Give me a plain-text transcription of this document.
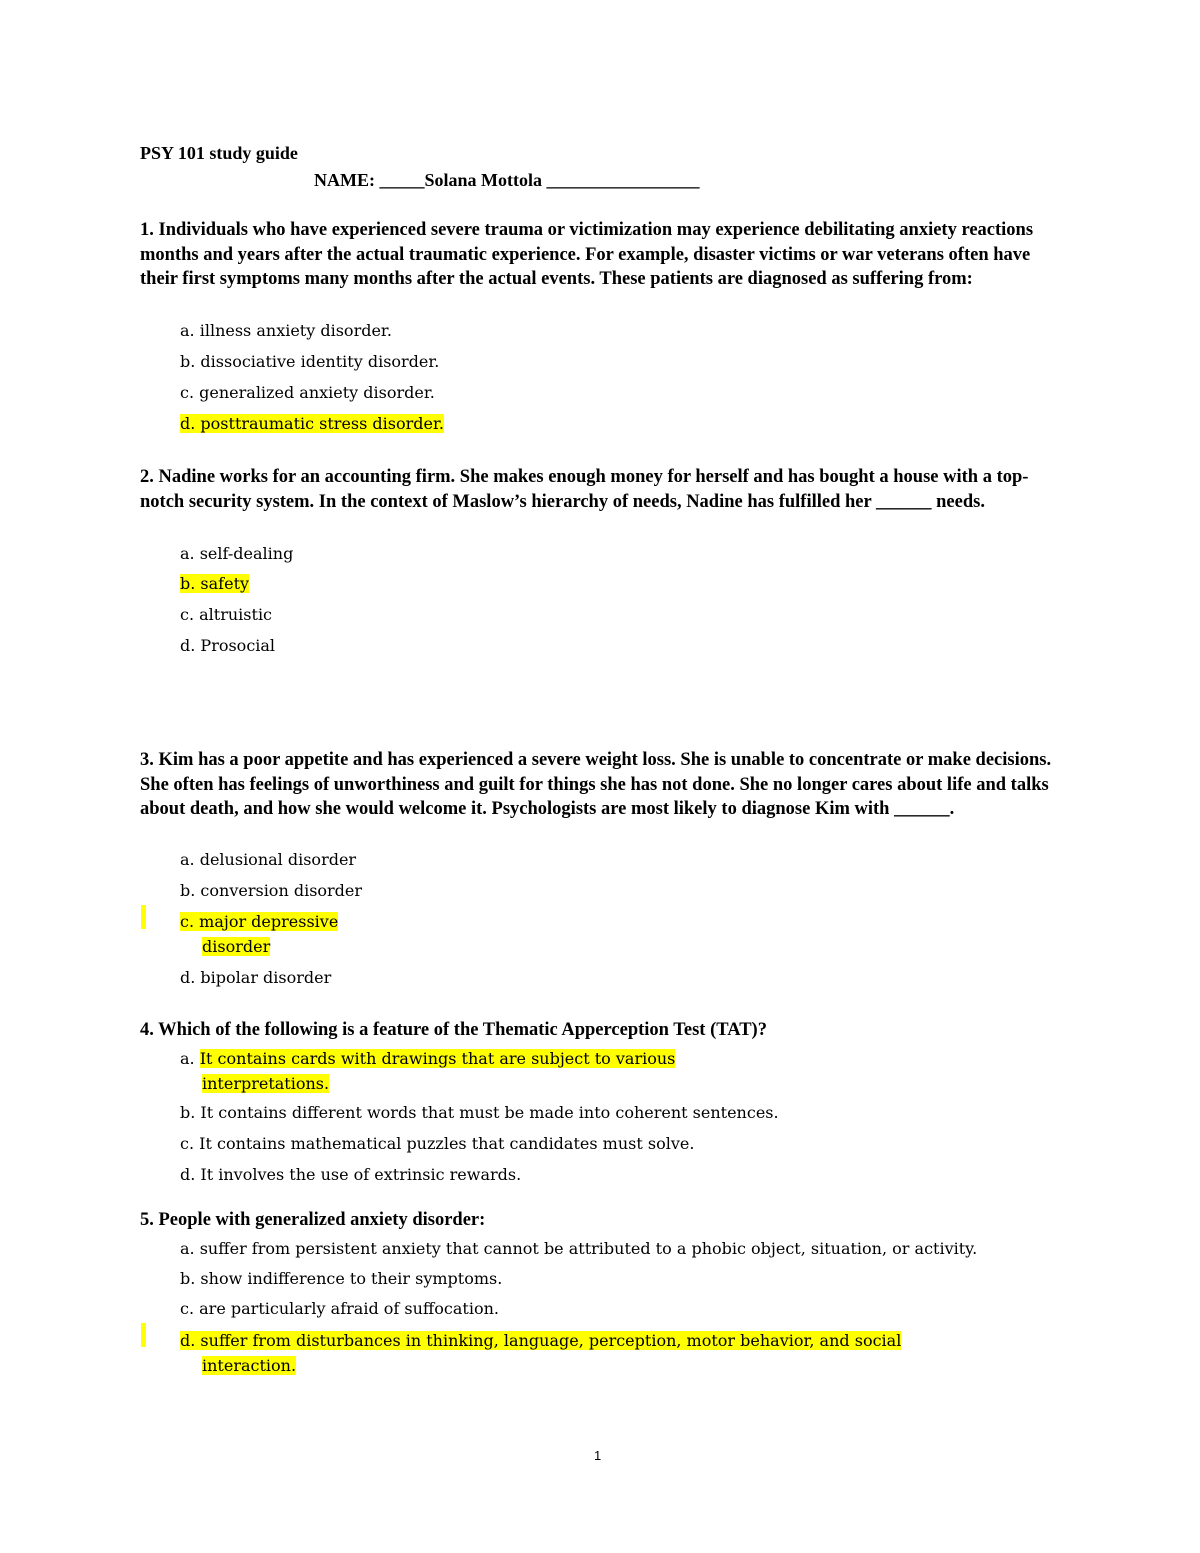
PSY 101 study guide
NAME: _____Solana Mottola _________________
1. Individuals who have experienced severe trauma or victimization may experience debilitating anxiety reactions months and years after the actual traumatic experience. For example, disaster victims or war veterans often have their first symptoms many months after the actual events. These patients are diagnosed as suffering from:
a. illness anxiety disorder.
b. dissociative identity disorder.
c. generalized anxiety disorder.
d. posttraumatic stress disorder.
2. Nadine works for an accounting firm. She makes enough money for herself and has bought a house with a top-notch security system. In the context of Maslow’s hierarchy of needs, Nadine has fulfilled her ______ needs.
a. self-dealing
b. safety
c. altruistic
d. Prosocial
3. Kim has a poor appetite and has experienced a severe weight loss. She is unable to concentrate or make decisions. She often has feelings of unworthiness and guilt for things she has not done. She no longer cares about life and talks about death, and how she would welcome it. Psychologists are most likely to diagnose Kim with ______.
a. delusional disorder
b. conversion disorder
c. major depressive
disorder
d. bipolar disorder
4. Which of the following is a feature of the Thematic Apperception Test (TAT)?
a. It contains cards with drawings that are subject to various
interpretations.
b. It contains different words that must be made into coherent sentences.
c. It contains mathematical puzzles that candidates must solve.
d. It involves the use of extrinsic rewards.
5. People with generalized anxiety disorder:
a. suffer from persistent anxiety that cannot be attributed to a phobic object, situation, or activity.
b. show indifference to their symptoms.
c. are particularly afraid of suffocation.
d. suffer from disturbances in thinking, language, perception, motor behavior, and social
interaction.
1
